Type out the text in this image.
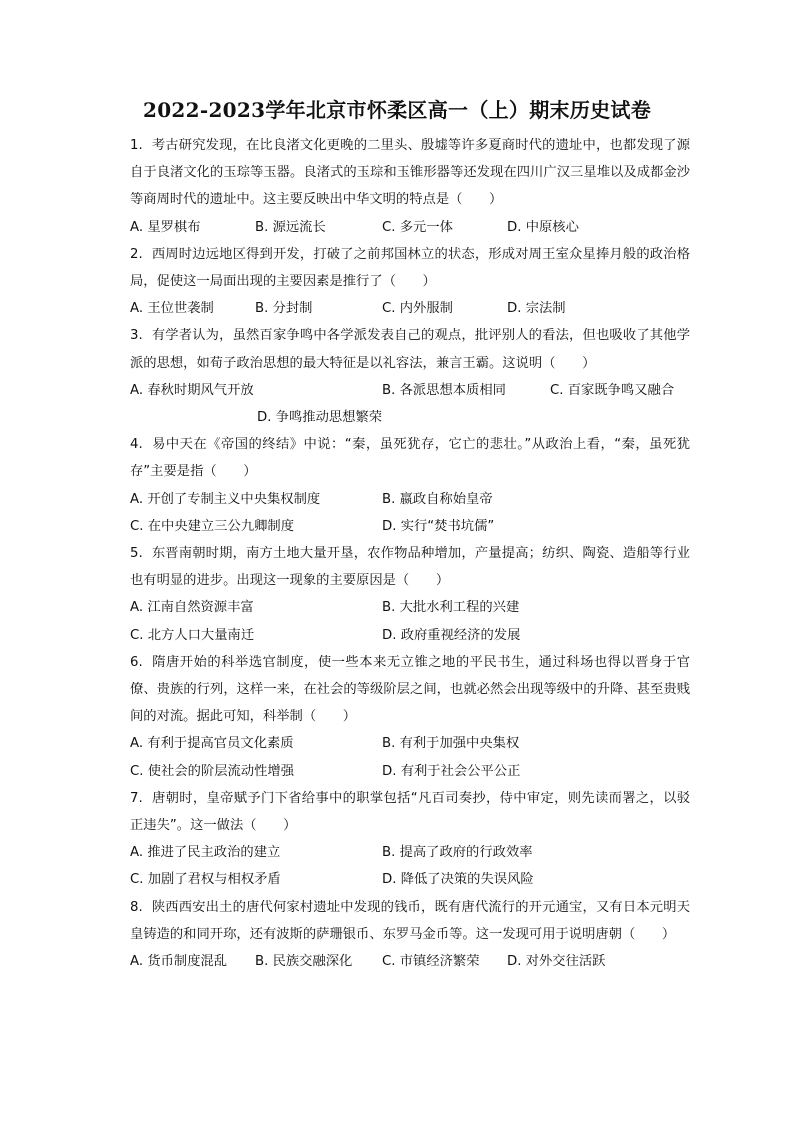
2022-2023学年北京市怀柔区高一（上）期末历史试卷

1. 考古研究发现，在比良渚文化更晚的二里头、殷墟等许多夏商时代的遗址中，也都发现了源自于良渚文化的玉琮等玉器。良渚式的玉琮和玉锥形器等还发现在四川广汉三星堆以及成都金沙等商周时代的遗址中。这主要反映出中华文明的特点是（　　）

A. 星罗棋布	B. 源远流长	C. 多元一体	D. 中原核心

2. 西周时边远地区得到开发，打破了之前邦国林立的状态，形成对周王室众星捧月般的政治格局，促使这一局面出现的主要因素是推行了（　　）

A. 王位世袭制	B. 分封制	C. 内外服制	D. 宗法制

3. 有学者认为，虽然百家争鸣中各学派发表自己的观点，批评别人的看法，但也吸收了其他学派的思想，如荀子政治思想的最大特征是以礼容法，兼言王霸。这说明（　　）

A. 春秋时期风气开放	B. 各派思想本质相同	C. 百家既争鸣又融合
D. 争鸣推动思想繁荣

4. 易中天在《帝国的终结》中说：“秦，虽死犹存，它亡的悲壮。”从政治上看，“秦，虽死犹存”主要是指（　　）

A. 开创了专制主义中央集权制度	B. 嬴政自称始皇帝
C. 在中央建立三公九卿制度	D. 实行“焚书坑儒”

5. 东晋南朝时期，南方土地大量开垦，农作物品种增加，产量提高；纺织、陶瓷、造船等行业也有明显的进步。出现这一现象的主要原因是（　　）

A. 江南自然资源丰富	B. 大批水利工程的兴建
C. 北方人口大量南迁	D. 政府重视经济的发展

6. 隋唐开始的科举选官制度，使一些本来无立锥之地的平民书生，通过科场也得以晋身于官僚、贵族的行列，这样一来，在社会的等级阶层之间，也就必然会出现等级中的升降、甚至贵贱间的对流。据此可知，科举制（　　）

A. 有利于提高官员文化素质	B. 有利于加强中央集权
C. 使社会的阶层流动性增强	D. 有利于社会公平公正

7. 唐朝时，皇帝赋予门下省给事中的职掌包括“凡百司奏抄，侍中审定，则先读而署之，以驳正违失”。这一做法（　　）

A. 推进了民主政治的建立	B. 提高了政府的行政效率
C. 加剧了君权与相权矛盾	D. 降低了决策的失误风险

8. 陕西西安出土的唐代何家村遗址中发现的钱币，既有唐代流行的开元通宝，又有日本元明天皇铸造的和同开珎，还有波斯的萨珊银币、东罗马金币等。这一发现可用于说明唐朝（　　）

A. 货币制度混乱 B. 民族交融深化 C. 市镇经济繁荣 D. 对外交往活跃
